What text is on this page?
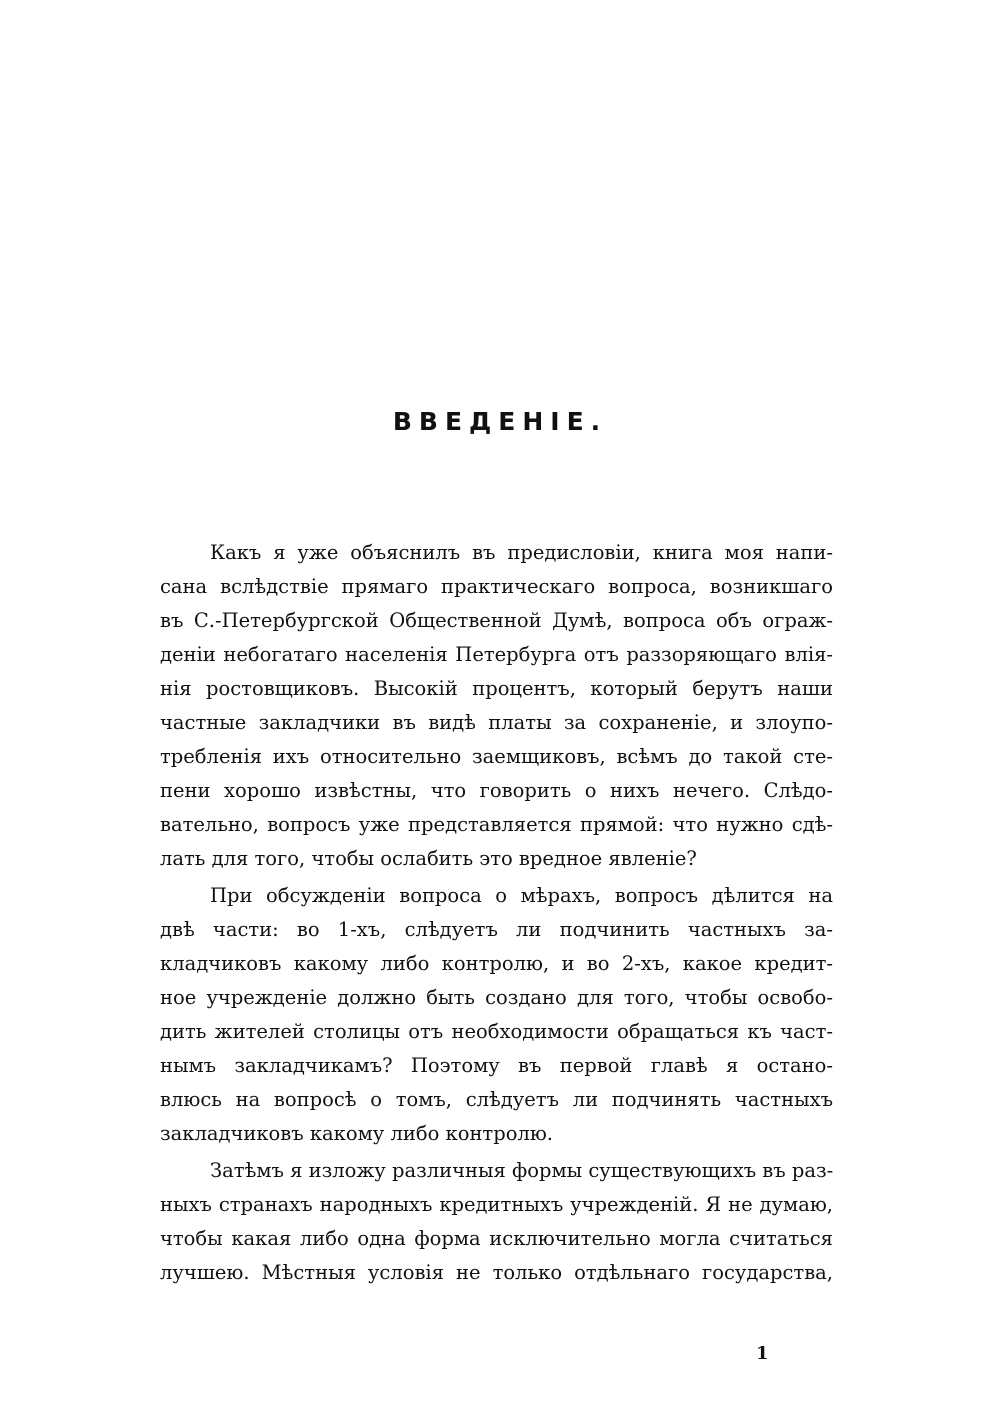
ВВЕДЕНІЕ.
Какъ я уже объяснилъ въ предисловіи, книга моя напи-
сана вслѣдствіе прямаго практическаго вопроса, возникшаго
въ С.-Петербургской Общественной Думѣ, вопроса объ ограж-
деніи небогатаго населенія Петербурга отъ раззоряющаго влія-
нія ростовщиковъ. Высокій процентъ, который берутъ наши
частные закладчики въ видѣ платы за сохраненіе, и злоупо-
требленія ихъ относительно заемщиковъ, всѣмъ до такой сте-
пени хорошо извѣстны, что говорить о нихъ нечего. Слѣдо-
вательно, вопросъ уже представляется прямой: что нужно сдѣ-
лать для того, чтобы ослабить это вредное явленіе?
При обсужденіи вопроса о мѣрахъ, вопросъ дѣлится на
двѣ части: во 1-хъ, слѣдуетъ ли подчинить частныхъ за-
кладчиковъ какому либо контролю, и во 2-хъ, какое кредит-
ное учрежденіе должно быть создано для того, чтобы освобо-
дить жителей столицы отъ необходимости обращаться къ част-
нымъ закладчикамъ? Поэтому въ первой главѣ я остано-
влюсь на вопросѣ о томъ, слѣдуетъ ли подчинять частныхъ
закладчиковъ какому либо контролю.
Затѣмъ я изложу различныя формы существующихъ въ раз-
ныхъ странахъ народныхъ кредитныхъ учрежденій. Я не думаю,
чтобы какая либо одна форма исключительно могла считаться
лучшею. Мѣстныя условія не только отдѣльнаго государства,
1
